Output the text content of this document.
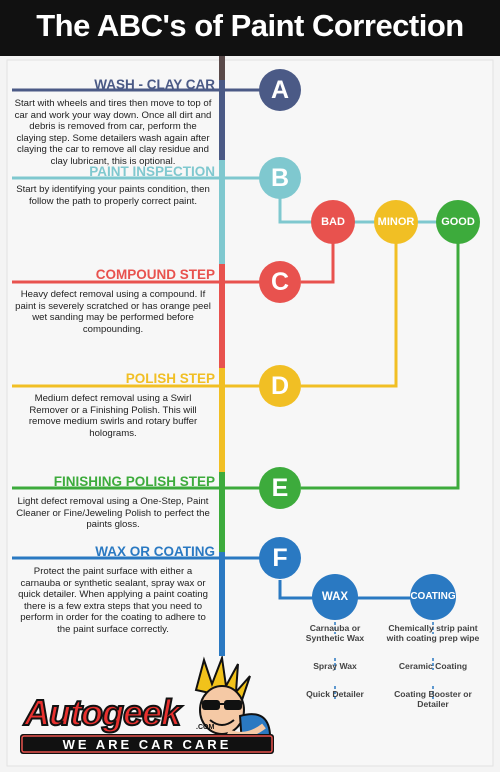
The ABC's of Paint Correction
WASH - CLAY CAR
PAINT INSPECTION
COMPOUND STEP
POLISH STEP
FINISHING POLISH STEP
WAX OR COATING
Start with wheels and tires then move to top of car and work your way down. Once all dirt and debris is removed from car, perform the claying step. Some detailers wash again after claying the car to remove all clay residue and clay lubricant, this is optional.
Start by identifying your paints condition, then follow the path to properly correct paint.
Heavy defect removal using a compound. If paint is severely scratched or has orange peel wet sanding may be performed before compounding.
Medium defect removal using a Swirl Remover or a Finishing Polish. This will remove medium swirls and rotary buffer holograms.
Light defect removal using a One-Step, Paint Cleaner or Fine/Jeweling Polish to perfect the paints gloss.
Protect the paint surface with either a carnauba or synthetic sealant, spray wax or quick detailer. When applying a paint coating there is a few extra steps that you need to perform in order for the coating to adhere to the paint surface correctly.
A
B
C
D
E
F
BAD	MINOR	GOOD
WAX	COATING
Carnauba or Synthetic Wax
Spray Wax
Quick Detailer
Chemically strip paint with coating prep wipe
Ceramic Coating
Coating Booster or Detailer
Autogeek .COM
WE ARE CAR CARE
